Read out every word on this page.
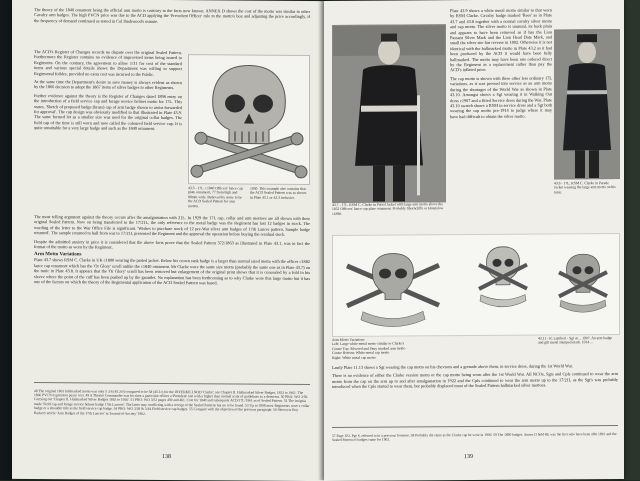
The theory of the 1840 ornament being the official arm motto is contrary to the facts now known. ANNEX D shows the cost of the motto was similar to other Cavalry arm badges. The high PVCN price was due to the ACD applying the 'Precedent Officer' rule to the motto's box and adjusting the price accordingly, if the frequency of demand continued as tested in Col Dashwood's minute.

The ACD's Register of Changes records no dispute over the original Sealed Pattern. Furthermore the Register contains no evidence of improvised items being issued to Regiments. On the contrary, the agreement to allow 1/31 for cost of the standard items and various special details shows the Department was willing to support Regimental foibles, provided no extra cost was incurred to the Public.

At the same time the Department's desire to save money is always evident as shown by the 1866 decision to adopt the 1867 items of silver badges to other Regiments.

Further evidence against the theory is the Register of Changes dated 1898 entry on the introduction of a field service cap and forage service helmet motto for 17L. This states, 'Sketch of proposed badge (brass) cap of arm badge shown to assist forwarded for approval'. The cap design was obviously modified to that illustrated in Plate 43.9. The same formed lot as a smaller size was used for the original collar badges. The field cap of the time is still worn and now called the coloured field service cap. It is quite unsuitable for a very large badge and such as the 1840 ornament.

43.3 - 17L. c1840 Officers' lance cap plate ornament, 77 from high and 88mm wide. Believed by some to be the ACD Sealed Pattern for arm mottos.
1850. This example also contains that the ACD Sealed Pattern was as shown in Plate 43.1 or 43.3 inclusive.

The most telling argument against the theory occurs after the amalgamation with 21L. In 1929 the 17L cap, collar and arm mottoes are all shown with their original Sealed Pattern. Now on being transferred to the 17/21L, the only reference to the metal badge was the Regiment has last 12 badges in stock. The wording of the letter to the War Office File is significant. 'Wishes to purchase stock of 12 pre-War silver arm badges of 17th Lancer pattern. Sample badge returned'. The sample returned to hall from war to 17/21L presented the Regiment and the approval the operation before buying the residual stock.

Despite the admitted anxiety in price it is considered that the above facts prove that the Sealed Pattern 372/1863 as illustrated in Plate 43.1, was in fact the format of the motto as worn by the Regiment.

Arm Motto Variations

Plate 43.7 shows RSM C. Clarke in UK c1890 wearing the parted jacket. Below his crown rank badge is a larger than normal sized motto with the officer c1882 lance cap ornament which has the 'Or Glory' scroll unlike the c1840 ornament. Mr Clarke wore the same size motto (probably the same one as in Plate 43.7) on the tunic in Plate 43.8. It appears that the 'Or Glory' scroll has been removed but enlargement of the original print shows that it is concealed by a fold in his sleeve where the point of the cuff has been pushed up by the gauntlet. No explanation has been forthcoming as to why Clarke wore this large motto but it has one of the factors on which the theory of the Regimental application of the ACD Sealed Pattern was based.

48 The original 1861 hallmarked motto was only 5 3/4 (45.2cl) compared to be 5d (45.1c) for the INVERKILLNOD 'Clarke', see Chapter II. Hallmarked Silver Badges, 1852 to 1961. The 1866 PVCN expression peace cost. 49 A Theatre Commander was for time a particular officer a 'President' one with a higher than normal scale of guidelines as a deterrent. 50 PRO: WO 3/50. Carrying out 'Chapter II. Hallmarked Silver Badges 1863 to 1956'. 51 PRO: WO 3/52 pages 459 and 461. Cost for 1840 and subsequent ACD/17L/1961 as of Sealed Pattern. 52 The insignia made 'Field cap and forage service helmet badge 17th Lancers'. The latter may conflicting with a receipt of the Sealed Patterns but no to be found. 53 Up to 1898 most Regiments wore a collar badge or a shoulder title as the field service cap badge. 54 PRO: WO 3/28 & 3/44 Field service cap badges. 55 Compare with the objection of the previous paragraph. 56 Shown in Roy Barker's article 'Arm Badges of the 17th Lancers' in 'Journal of Society' 1962.

138
43.7 - 17L. RSM C. Clarke in Patrol Jacket with large arm motto above the 1852 Officers' lance cap plate ornament. Probably Shorncliffe or Hounslow c1890.

Plate 43.9 shows a white metal motto similar to that worn by RSM Clarke. Cavalry badge marked 'Rees' as in Plate 43.7 and 43.8 together with a normal cavalry silver motto and cap motto. The silver motto is unusual, its back plain and appears to have been removed as if has the Lion Passant Silver Mark and the Lion Head Date Mark, and small the silver site has reverse in 1892. Otherwise it is not identical with the hallmarked motto in Plate 43.2 as it had been produced by the ACD it would have been fully hallmarked. The motto may have been one ordered direct by the Regiment as a replacement rather than pay the ACD's inflated price.

The cap motto is shown with three other less ordinary 17L variations, as it was pressed into service as an arm motto during the shortages of the World War as shown in Plate 43.10. Amongst shows a Sgt wearing it in Walking Out dress c1907 and a fitted Service dress during the War. Plate 43.10 swatch shows a RSM in service dress and a Sgt both wearing the cap motto pre-1914 to judge where it may have had difficult to obtain the silver motto.

43.8 - 17L. RSM C. Clarke in Parade Jacket wearing the large arm motto on his tunic.
Arm Motto Variations
Left: Large white metal motto similar to Clarke's
Centre Top: Silvered and Dmy marked arm motto
Centre Bottom: White metal cap motto
Right: White metal cap motto
43.11 - R. Lambert - Sgt at ... 1907. An arm badge and gilt metal stamped mark. 1914 ...

Lastly Plate 11.13 shows a Sgt wearing the cap motto on his chevrons and a grenade above them, in service dress, during the 1st World War.

There is no evidence of either the Clarke version motto or the cap motto being worn after the 1st World War. All NCOs, Sgts and Cpls continued to wear the arm motto from the cap on the arm up to and after amalgamation in 1922 and the Cpls continued to wear the arm motto up to the 17/21L as the Sgt's was probably introduced when the Cpls started to wear them, but probably displaced most of the Sealed Pattern hallmarked silver mottoes.

57 Page 102, Pge 6, referred to in a previous footnote. 58 Probably the same as the Clarke cap he wore in 1900. 59 The 1890 badges. Annex D held 88, was the first who have been able 1891 and the Sealed Pattern of badges came for 1902.

139
